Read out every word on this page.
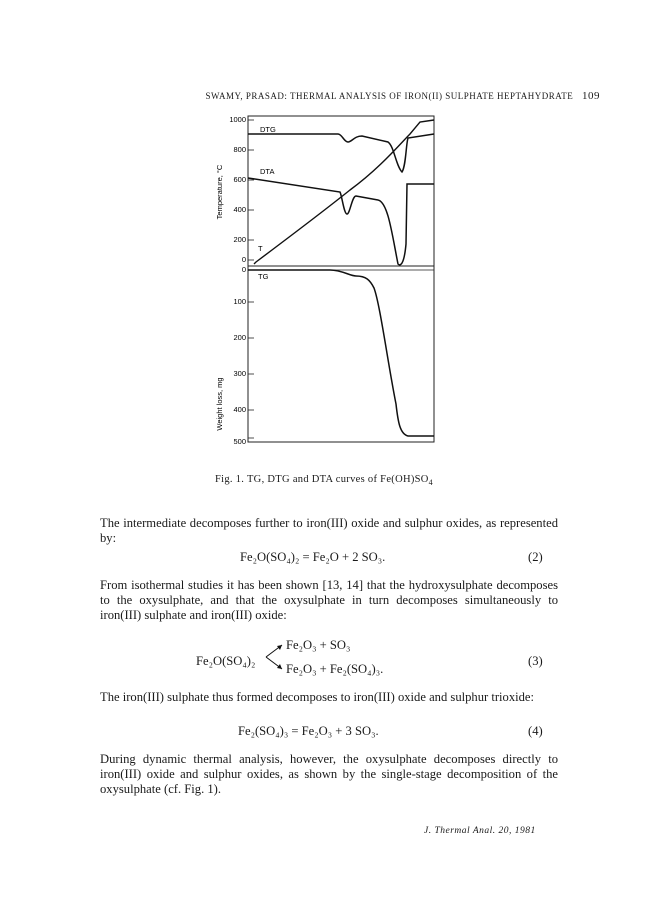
SWAMY, PRASAD: THERMAL ANALYSIS OF IRON(II) SULPHATE HEPTAHYDRATE 109
1000
800
600
400
200
0
0
100
200
300
400
500
Temperature, °C
Weight loss, mg
DTG
DTA
T
TG
Fig. 1. TG, DTG and DTA curves of $Fe(OH)SO_4$
The intermediate decomposes further to iron(III) oxide and sulphur oxides, as represented by:
Fe₂O(SO₄)₂ = Fe₂O + 2 SO₃.	(2)
From isothermal studies it has been shown [13, 14] that the hydroxysulphate decomposes to the oxysulphate, and that the oxysulphate in turn decomposes simultaneously to iron(III) sulphate and iron(III) oxide:
Fe₂O(SO₄)₂
Fe₂O₃ + SO₃
Fe₂O₃ + Fe₂(SO₄)₃.
(3)
The iron(III) sulphate thus formed decomposes to iron(III) oxide and sulphur trioxide:
Fe₂(SO₄)₃ = Fe₂O₃ + 3 SO₃.	(4)
During dynamic thermal analysis, however, the oxysulphate decomposes directly to iron(III) oxide and sulphur oxides, as shown by the single-stage decomposition of the oxysulphate (cf. Fig. 1).
J. Thermal Anal. 20, 1981
